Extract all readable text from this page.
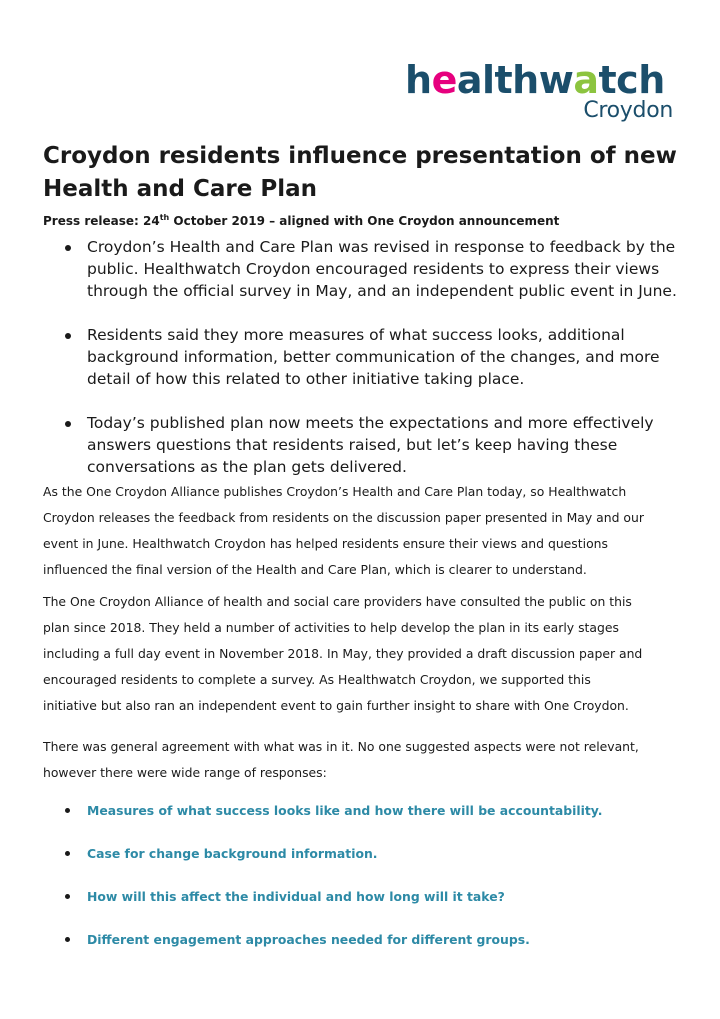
healthwatch
Croydon
Croydon residents influence presentation of new
Health and Care Plan
Press release: 24th October 2019 – aligned with One Croydon announcement
Croydon’s Health and Care Plan was revised in response to feedback by the
public. Healthwatch Croydon encouraged residents to express their views
through the official survey in May, and an independent public event in June.
Residents said they more measures of what success looks, additional
background information, better communication of the changes, and more
detail of how this related to other initiative taking place.
Today’s published plan now meets the expectations and more effectively
answers questions that residents raised, but let’s keep having these
conversations as the plan gets delivered.

As the One Croydon Alliance publishes Croydon’s Health and Care Plan today, so Healthwatch
Croydon releases the feedback from residents on the discussion paper presented in May and our
event in June. Healthwatch Croydon has helped residents ensure their views and questions
influenced the final version of the Health and Care Plan, which is clearer to understand.

The One Croydon Alliance of health and social care providers have consulted the public on this
plan since 2018. They held a number of activities to help develop the plan in its early stages
including a full day event in November 2018. In May, they provided a draft discussion paper and
encouraged residents to complete a survey. As Healthwatch Croydon, we supported this
initiative but also ran an independent event to gain further insight to share with One Croydon.

There was general agreement with what was in it. No one suggested aspects were not relevant,
however there were wide range of responses:

Measures of what success looks like and how there will be accountability.
Case for change background information.
How will this affect the individual and how long will it take?
Different engagement approaches needed for different groups.
